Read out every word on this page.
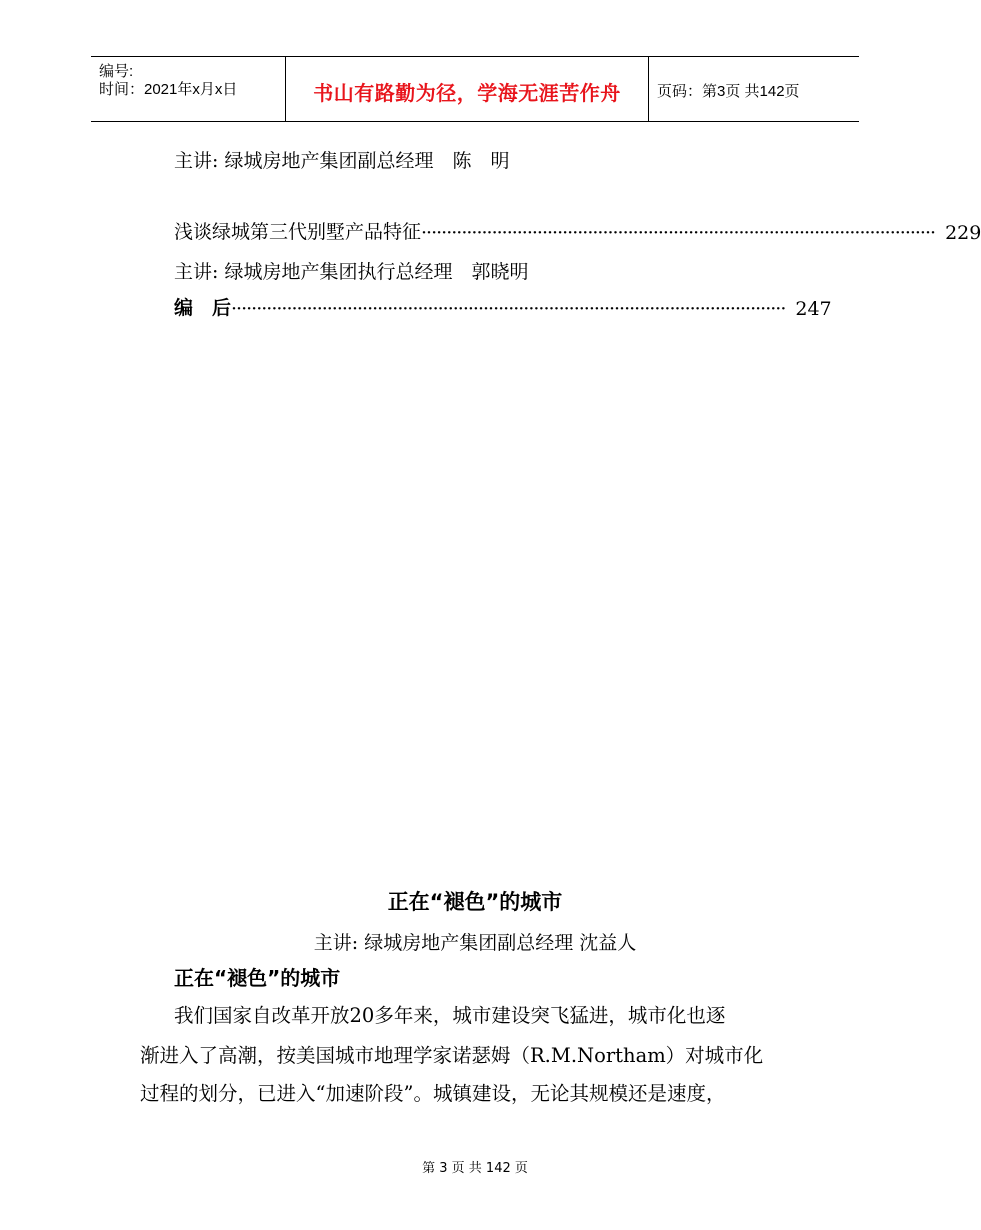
编号:
时间：2021年x月x日	书山有路勤为径，学海无涯苦作舟	页码：第3页 共142页
主讲: 绿城房地产集团副总经理　陈　明
浅谈绿城第三代别墅产品特征 ······································································································ 229
主讲: 绿城房地产集团执行总经理　郭晓明
编　后 ·············································································································· 247
正在“褪色”的城市
主讲: 绿城房地产集团副总经理 沈益人
正在“褪色”的城市
我们国家自改革开放20多年来，城市建设突飞猛进，城市化也逐
渐进入了高潮，按美国城市地理学家诺瑟姆（R.M.Northam）对城市化
过程的划分，已进入“加速阶段”。城镇建设，无论其规模还是速度，
第 3 页 共 142 页
